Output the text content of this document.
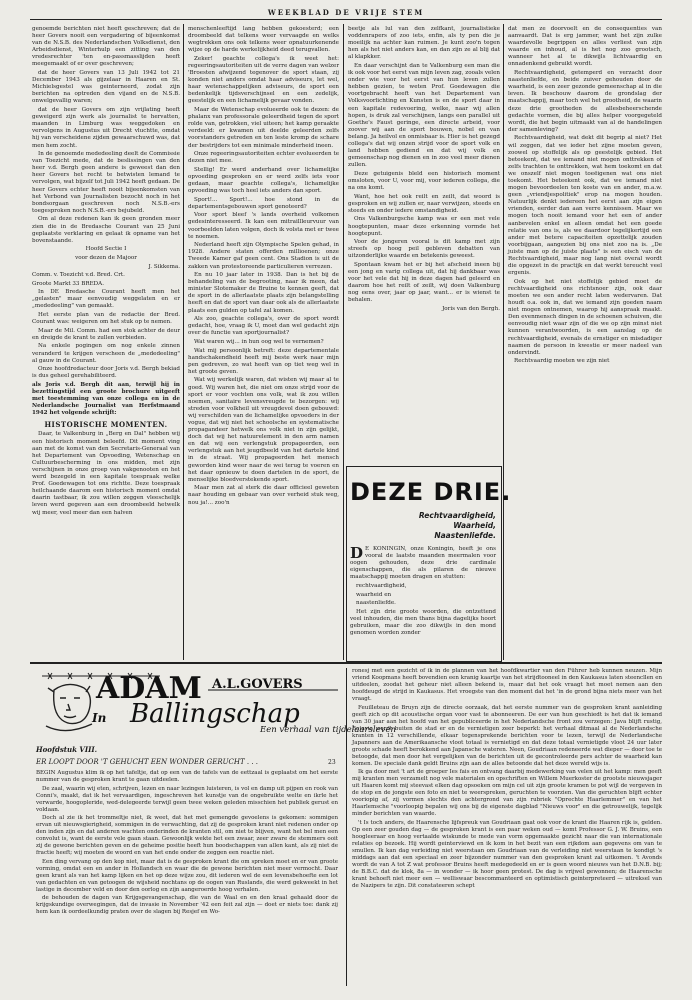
WEEKBLAD DE VRIJE STEM

genoemde berichten niet heeft geschreven; dat de heer Govers nooit een vergadering of bijeenkomst van de N.S.B. des Nederlandschen Volksdienst, den Arbeidsdienst, Winterhulp een zitting van den vredesrechter 'ten en-passmasslijden heeft meegemaakt of er over geschreven;

dat de heer Govers van 13 Juli 1942 tot 21 December 1943 als gijzelaar in Haaren en St. Michielsgestel was geinterneerd, zodat zijn berichten na optreden den vijand en de N.S.B. onwelgevallig waren;

dat de heer Govers om zijn vrijlating heeft geweigerd zijn werk als journalist te hervatten, maanden in Limburg was weggedoken en vervolgens in Augustus uit Drecht vluchtte, omdat hij van verscheidene zijden gewaarschuwd was, dat men hem zocht.

In de genoemde mededeeling deelt de Commissie van Toezicht mede, dat de beslissingen van den heer v.d. Bergh geen andere is geweest dan den heer Govers het recht te betwisten lemand te vervolgen, wat bijzelf tot Juli 1942 heeft gedaan. De heer Govers echter heeft nooit bijeenkomsten van het Verbond van Journalisten bezocht noch in het bondsorgaan geschreven noch N.S.B.-ers toegesproken noch N.S.B.-ers bejubeld.

Om al deze redenen kan ik geen gronden meer zien die in de Bredasche Courant van 25 Juni geplaatste verklaring en gelaat ik opname van het bovenstaande.

Hoofd Sectie I

voor dezen de Majoor

J. Sikkema.

Comm. v. Toezicht v.d. Bred. Crt.

Groote Markt 33 BREDA.

In DE Bredasche Courant heeft men het „gelasten" maar eenvoudig weggelaten en er „mededeeling" van gemaakt.

Het eerste plan van de redactie der Bred. Courant was: weigeren om het stuk op te nemen.

Maar de Mil. Comm. had een stok achter de deur en dreigde de krant te zullen verbieden.

Na enkele pogingen om nog enkele zinnen veranderd te krijgen verscheen de „mededeeling" al gauw in de Courant.

Onze hoofdredacteur door Joris v.d. Bergh bekiad is dus geheel gerehabiliteerd.

als Joris v.d. Bergh dit aan, terwijl hij in bezettingstijd een groote brochure uitgeeft met toestemming van onze collega en in de Nederlandsche Journalist van Herfstmaand 1942 het volgende schrijft:

HISTORISCHE MOMENTEN.

Daar, te Valkenburg in „Berg en Dal" hebben wij een historisch moment beleefd. Dit moment ving aan met de komst van den Secretaris-Generaal van het Departement van Opvoeding, Wetenschap en Cultuurbescherming in ons midden, met zijn verschijnen in onze groep van vakgenooten en het werd bezegeld in een kapitale toespraak welke Prof. Goedewagen tot ons richtte. Deze toespraak heilchaande daarom een historisch moment omdat daarin tastbaar, ik zou willen zeggen vleeschelijk leven werd gegeven aan een droombeeld hetwelk wij meer, veel meer dan een halven

menschenleeftijd lang hebben gekoesterd; een droombeeld dat telkens weer vervaagde en welks wegtrekken ons ook telkens weer opnatuurkenende wijze op de harde werkelijkheid deed terugvallen.

Zeker! geachte collega's ik weet het: regeeringsautoriteiten uit de verre dagen van welzer 'Broesten afwijzend tegenover de sport staan, zij konden niet anders omdat haar adviseurs, let wel, haar wetenschappelijken adviseurs, de sport een bedenkelijk tijdsverschijnsel en een zedelijk, geestelijk en een lichamelijk gevaar vonden.

Maar de Wetenschap evolueerde ook te dezen: de phalanx van professorale geleerdheid tegen de sport rolde van, getrokken, viel uiteen; het kamp geraakte verdeeld: er kwamen uit deelde geleerden zelfs voorstanders getreden en ten leste kromp de schare der bestrijders tot een minimale minderheid ineen.

Onze regeeringsautoriteiten echter evolueerden te dezen niet mee.

Stellig! Er werd anderhand over lichamelijke opvoeding gesproken en er werd zelfs iets voor gedaan, maar geachte collega's, lichamelijke opvoeding was toch heel iets anders dan sport.

Sport!... Sport!... hoe stond in de departementsgebouwen sport genoteerd?

Voor sport bleef 's lands overheid volkomen gedesinteresseerd. Ik kan een mitraillleurvuur van voorbeelden laten volgen, doch ik volsta met er twee te noemen.

Nederland heeft zijn Olympische Spelen gehad, in 1928. Andere staten offerden millioenen; onze Tweede Kamer gaf geen cent. Ons Stadion is uit de zakken van protestoreende particulieren verrezen.

En nu 10 jaar later in 1938. Dan is het bij de behandeling van de begrooting, naar ik meen, dat minister Slotemaker de Bruine te kennen geeft, dat de sport in de allerlaatste plaats zijn belangstelling heeft en dat de sport van daar ook als de allerlaatste plaats een gulden op tafel zal komen.

Als zoo, geachte collega's, over de sport wordt gedacht, hoe, vraag ik U, moet dan wel gedacht zijn over de functie van sportjournalist?

Wat waren wij... in hun oog wel te vernemen?

Wat mij persoonlijk betreft: deze departementale handschakendheid heeft mij beste werk naar mijn pen gedreven, zo wat heeft van op tiet weg wel in het groote geven.

Wat wij werkelijk waren, dat wisten wij maar al te goed. Wij waren het, die niet om onze strijd voor de sport er voor vochten ons volk, wat ik zou willen noemen, sanitaire levensvreugde te bezorgen: wij streden voor volkheil uit vreugdevol doen gebouwd: wij verschilden van de lichamelijke opvoeders in der vogue, dat wij niet het schoolsche en systematische propagandeer hetwelk ons volk niet in zijn gelijkt, doch dat wij het natuurelement in den arm namen en dat wij een verlengstuk propageerden, een verlengstuk aan het jeugdbeeld van het dartele kind in de straat. Wij propageerden het mensch geworden kind weer naar de wei terug te voeren en het daar opnieuw te doen dartelen in de sport, de menselijke bloedverstekende sport.

Maar men zat al sterk die daar officieel geweten naar houding en gebaar van over verheid stuk weg, nou ja!... zoo'n

beetje als lul van den zelfkant, journalistieke voddenrapers of zoo iets, enfin, als ty pen die je moeilijk na achter kan ruimen. Je kunt zoo'n tegen hen als het niet anders kan, en dan zijn ze al blij dat al klapkker.

En daar verschijnt dan te Valkenburg een man die ik ook voor het eerst van mijn leven zag, zooals velen onder wie voor het eerst van hun leven zullen hebben gezien, te weten Prof. Goedewagen die voortgebracht heeft van het Departement van Volksvoorlichting en Kunsten is en de sport daar in een kapitale redevoering, welke, naar wij allen hopen, is druk zal verschijnen, langs een parallel uit Goethe's Faust geringe, een directe arbeid, voor zoover wij aan de sport bouwen, nobel en van belang. Ja heilvol en onmisbaar is. Hier is het gezegd collega's dat wij onzen strijd voor de sport volk en land hebben gediend en dat wij volk en gemeenschap nog dienen en in zoo veel meer dienen zullen.

Deze getuigenis bleld een historisch moment omsloten, voor U, voor mij, voor iederen collega, die na ons komt.

Want, hoe het ook reilt en zeilt, dat woord is gesproken en wij zullen er, naar verwijzen, steeds en steeds en onder iedere omstandigheid.

Ons Valkenburgsche kamp was er een met vele hoogtepunten, maar deze erkenning vormde het hoogtepunt.

Voor de jongeren vooral is dit kamp met zijn streefs op hoog peil gebleven debatten van uitzonderlijke waarde en betekenis geweest.

Spontaan kwam het er bij het afscheid ineen bij een jong en varig collega uit, dat hij dankbaar was voor het vele dat hij in deze dagen had geleerd en daarom hoe het reilt of zeilt, wij doen Valkenburg nog eens over, jaar op jaar, want... er is wienst te behalen.

Joris van den Bergh.

DEZE DRIE.
Rechtvaardigheid,
Waarheid,
Naastenliefde.

D E KONINGIN, onze Koningin, heeft je ons vooral de laatste maanden meermalen voor oogen gehouden, deze drie cardinale eigenschappen, die als pilaren de nieuwe maatschappij moeten dragen en stutten:

rechtvaardigheid,

waarheid en

naastenliefde.

Het zijn drie groote woorden, die ontzettend veel inhouden, die men thans bijna dagelijks hoort gebruiken, maar die zoo dikwijls in den mond genomen worden zonder

dat men ze doorvoelt en de consequenties van aanvaardt. Dat is erg jammer, want het zijn zulke waardevolle begrippen en alles verliest van zijn waarde en inhoud, al is het nog zoo grootsch, wanneer het al te dikwijls lichtvaardig en onnadenkend gebruikt wordt.

Rechtvaardigheid, getemperd en verzacht door naastenliefde, en beide zuiver gehouden door de waarheid, is een zeer gezonde gemeenschap al in die leven. Ik beschouw daarom de grondslag der maatschappij, maar toch wel het grootheid, de waarin deze drie grootheden de allesbeheerschende gedachte vormen, die bij alles helper voorgegeteld wordt, die het begin uitmaakt van al de handelingen der samenleving?

Rechtvaardigheid, wat dekt dit begrip al niet? Het wil zeggen, dat we ieder het zijne moeten geven, zoowel op stoffelijk als op geestelijk gebied. Het beteekent, dat we iemand niet mogen onttrekken of zelfs trachten te onttrekken, wat hem toekomt en dat we onszelf niet mogen toeëigenen wat ons niet toekomt. Het beteekent ook, dat we iemand niet mogen bevoordeelen ten koste van en ander, m.a.w. geen „vriendjespolitiek" erop na mogen houden. Natuurlijk denkt iedereen het eerst aan zijn eigen vrienden, eerder dan aan verre kennissen. Maar we mogen toch nooit iemand voor het een of ander aanbevelen enkel en alleen omdat het een goede relatie van ons is, als we daardoor tegelijkertijd een ander met betere capaciteiten opzettelijk zouden voorbijgaan, aangezien bij ons niet zoo na is. „De juiste man op de juiste plaats" is een eisch van de Rechtvaardigheid, maar nog lang niet overal wordt die opgezet in de practijk en dat werkt tereucht veel ergenis.

Ook op het niet stoffelijk gebied moet de rechtvaardigheid ons richtsnoer zijn, ook daar moeten we een ander recht laten wedervaren. Dat houdt o.a. ook in, dat we iemand zijn goeden naam niet mogen ontnemen, waarop hij aanspraak maakt. Den evenmensch dingen in de schoenen schuiven, die eenvoudig niet waar zijn of die we op zijn minst niet kunnen verantwoorden, is een aanslag op de rechtvaardigheid, evenals de ernstiger en misdadiger naamen de persoon in kwestie er meer nadeel van ondervindt.

Rechtvaardig moeten we zijn niet

ADAM A.L.GOVERS
In Ballingschap
Een verhaal van tijdelaarsleven
Hoofdstuk VIII.
ER LOOPT DOOR 'T GEHUCHT EEN WONDER GERUCHT . . .	23

BEGIN Augustus klim ik op het tafeltje, dat op een van de tafels van de eettzaal is geplaatst om het eerste nummer van de gesproken krant te gaan uitdeelen.

De zaal, waarin wij eten, schrijven, lezen en naar lezingen luisteren, is vol en damp uit pijpen en rook van Conni's, maakt, dat ik het vervaardigen, ingeschreven het kunstje van de ongebruikte welte en ikrle het verwarde, hoogopleride, wed-delegeerde terwijl geen twee weken geleden misschien het publiek gerust en voldaan.

Doch al zie ik het trommeltje niet, ik weet, dat het met gemengde gevoelens is gekomen: sommigen ervan uit nieuwsgierigheid, sommigen in de verwachting, dat zij de gesproken krant niet redenen onder op den inden zijn en dat anderen wachten onderinden de kranten stil, om niet te blijven, want het bel men een convolut is, want de eerste vele gaan staan. Gewoonlijk wekte het een zwaar, zeer zware de stemmers ooit zij de gewone berichten geven en de geheime positie heeft hun boodschappen van allen kant, als zij niet de fractie heeft; wij moeten de woord en van het ende onder de zeggen een reactie niet.

Een ding vervang op den kop niet, maar dat is de gesproken krant die om spreken moet en er van groote vorming, omdat een en ander in Hollandsch en waar die de gewone berichten niet meer vermocht. Daar geen krant als van het kamp lijken en het op deze wijze zou, dit iederen wel de een levensbehoefte een lot van gedachten en van getoogen de wijsheid nochtans op de oogen van Ruslands, die werd gekweekt in het lastige in december veld en door den oorlog en zijn aangeroerde hoog verhalen.

de behouden de dagen van Krijgsgevangenschap, die van de Waal en en den kraal gehaald door de krijgskundige overwegingen, dat de invasie in November '42 een feit zal zijn — doet er niets toe: dank zij hem kan ik oordeelkundig praten over de slagen bij Resjef en Wo-

ronesj met een gezicht of ik in de plannen van het hoofdkwartier van den Führer heb kunnen neuzen. Mijn vriend Koopmans heeft bovendien een kranig kaartje van het strijdtooneel in den Kaukasus laten steencllen en uitdeelen, zoodat het geheur niet alleen bekend is, maar dat het ook vraagt het moet nemen aan den hoofdeugd de strijd in Kaukasus. Het vroegste van den moment dat het 'in de grond bijna niets meer van het vraagt.

Feuilleteau de Bruyn zijn de directe oorzaak, dat het eerste nummer van de gesproken krant aanleiding geeft zich op dit acoustische organ voor vast te abonneeren. De eer van hun geschiedt is het dat ik iemand van 30 jaar aan het hoofd van het gepubliceerde in het Nederlandsche front zou verzegen: Java blijft rustig, Batavia wordt buiten de stad er en de vernietigen zeer beperkt: het verhaal ditmaal al de Nederlandsche kranten in 12 verschillende, elkaar tegensprekende berichten voor te lezen, terwijl de Nederlandsche Japanners aan de Amerikaansche vloot totaal is vernietigd en dat deze totaal vernietigde vloot 24 uur later groote schade heeft berokkend aan Japansche wateren. Neen, Goudriaan redeneerde wat dieper — door toe te betoogde, dat men door het vergelijken van de berichten uit de gecontroleerde pers achter de waarheid kan komen. De speciale dank geldt Bruins zijn aan de alles betoonde dat het deze wereld wijs is.

Ik ga door met 't art de groeper Ies fais en ontvang daarbij medewerking van velen uit het kamp: men geeft mij kranten men verzamelt nog vele materialen en opschriften en Willem Muerkoster de grootste nieuwsjager uit Haaren komt mij steevast elken dag opsoeken om mijn cel uit zijn groote kramen te pot wijl de vergeven in de stop en de jongste een foto en niet te weerspreken, geruchten te voorzien. Van die geruchten blijft echter vooriopig af, zij vormen slechts den achtergrond van zijn rubriek "Oprechte Haarlemmer" en van het Haarlemsche "voorloopig bepalen wij ons bij de eigenste dagblad "Nieuws voor" en die getrouwelijk, tegelijk minder berichten van waarde.

't Is toch anders, de Haarensche lijfspreuk van Goudriaan gaat ook voor de krant die Haaren rijk is, gelden. Op een zeer gouden dag — de gesproken krant is een paar weken oud — komt Professor G. J. W. Bruins, een hoogleeraar en hoog vertaalde wiskunde te mede van vorm opgemaakte gezicht naar die van internationale relaties op bezoek. Hij wordt geinterviewd en ik kom in het bezit van een rijkdom aan gegevens om van te smullen. Ik kan dag verleiding niet weerstaan om Goudriaan van de verleiding niet weerstaan te kondigt 's middags aan dat een speciaal en zeer bijzonder nummer van den gesproken krant zal uitkomen. 't Avonds wordt de van A tot Z wat professor Bruins heeft medegedeeld en er is geen woord nieuws van het D.N.B. bij; de B.B.C. dat de klok, 8a — in wonder — ik hoor geen protest. De dag is vrijwel gewonnen; de Haarensche krant behoeft niet meer een — welliswaar bescommanteerd en optimistisch geinterpreteerd — uitreksel van de Nazipers te zijn. Dit constateeren schept
